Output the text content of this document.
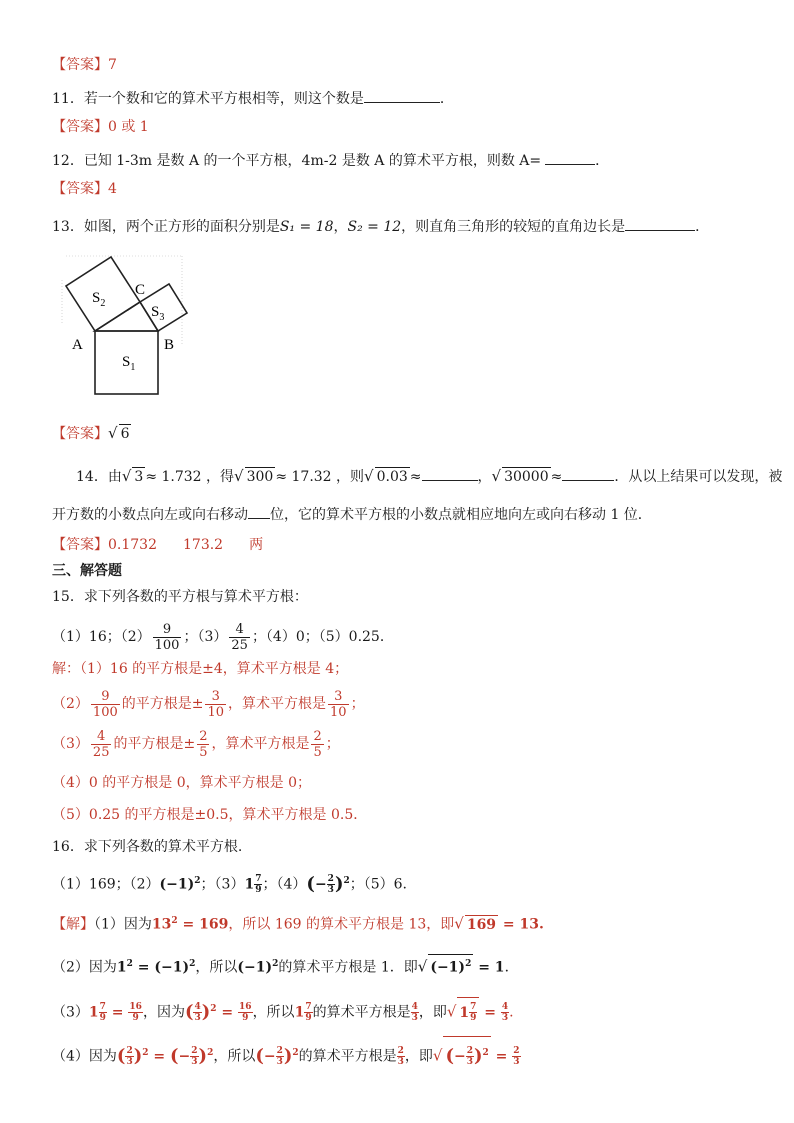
【答案】7
11．若一个数和它的算术平方根相等，则这个数是	．
【答案】0 或 1
12．已知 1-3m 是数 A 的一个平方根，4m-2 是数 A 的算术平方根，则数 A=	．
【答案】4
13．如图，两个正方形的面积分别是S₁ = 18，S₂ = 12，则直角三角形的较短的直角边长是	．
$S_2$
C
$S_3$
A	B
$S_1$
【答案】√ 6
14．由√ 3 ≈ 1.732 ，得√ 300 ≈ 17.32 ，则√ 0.03 ≈	，√ 30000 ≈	．从以上结果可以发现，被
开方数的小数点向左或向右移动 位，它的算术平方根的小数点就相应地向左或向右移动 1 位．
【答案】0.1732 173.2 两
三、解答题
15．求下列各数的平方根与算术平方根：
（1）16；$(2) \frac{9}{100}$ ；$(3) \frac{4}{25}$ ；（4）0；（5）0.25．
解：（1）16 的平方根是±4，算术平方根是 4；
$(2) \frac{9}{100}$ 的平方根是± $\frac{3}{10}$ ，算术平方根是 $\frac{3}{10}$ ；
$(3) \frac{4}{25}$ 的平方根是± $\frac{2}{5}$ ，算术平方根是 $\frac{2}{5}$ ；
（4）0 的平方根是 0，算术平方根是 0；
（5）0.25 的平方根是±0.5，算术平方根是 0.5．
16．求下列各数的算术平方根.
（1）169；$(2)(-1)^2$；$(3)1 \frac{7}{9}$ ；$(4)(- \frac{2}{3} )^2$；（5）6.
【解】（1）因为$13^2 = 169$，所以 169 的算术平方根是 13，即√ 169 = 13.
（2）因为$1^2 = (-1)^2$，所以$(-1)^2$的算术平方根是 1．即√ $(-1)^2 = 1$．
$(3)1 \frac{7}{9} = \frac{16}{9}$ ，因为( $\frac{4}{3} )^2 = \frac{16}{9}$ ，所以$1 \frac{7}{9}$ 的算术平方根是 $\frac{4}{3}$ ，即√ $1 \frac{7}{9} = \frac{4}{3}$ .
（4）因为( $\frac{2}{3} )^2$ = (− $\frac{2}{3} )^2$，所以(− $\frac{2}{3} )^2$的算术平方根是 $\frac{2}{3}$ ，即√ (− $\frac{2}{3} )^2 = \frac{2}{3}$
